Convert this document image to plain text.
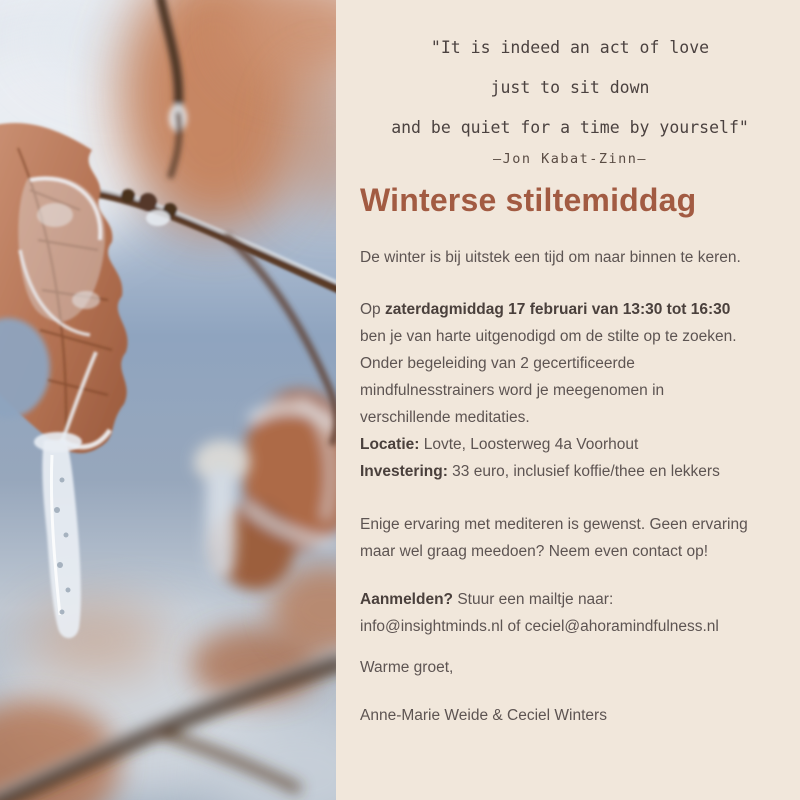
"It is indeed an act of love
just to sit down
and be quiet for a time by yourself"
–Jon Kabat-Zinn–
Winterse stiltemiddag

De winter is bij uitstek een tijd om naar binnen te keren.

Op zaterdagmiddag 17 februari van 13:30 tot 16:30
ben je van harte uitgenodigd om de stilte op te zoeken.
Onder begeleiding van 2 gecertificeerde
mindfulnesstrainers word je meegenomen in
verschillende meditaties.
Locatie: Lovte, Loosterweg 4a Voorhout
Investering: 33 euro, inclusief koffie/thee en lekkers
Enige ervaring met mediteren is gewenst. Geen ervaring
maar wel graag meedoen? Neem even contact op!
Aanmelden? Stuur een mailtje naar:
info@insightminds.nl of ceciel@ahoramindfulness.nl

Warme groet,

Anne-Marie Weide & Ceciel Winters
